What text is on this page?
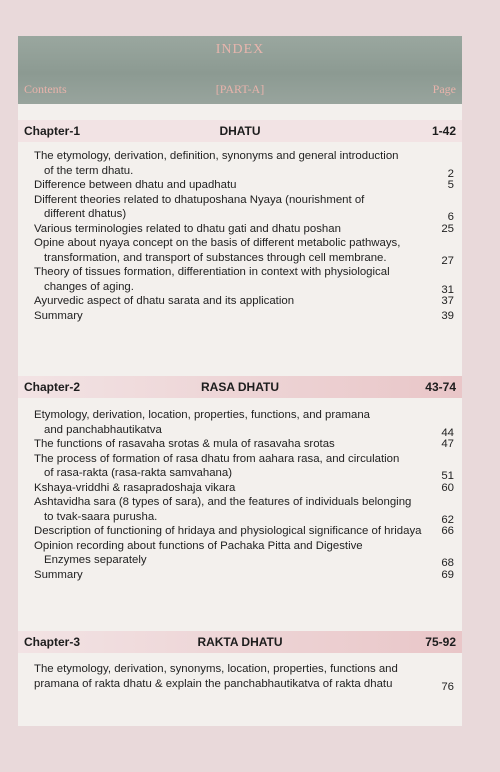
INDEX
Contents	[PART-A]	Page
Chapter-1	DHATU	1-42
The etymology, derivation, definition, synonyms and general introduction
of the term dhatu.	2
Difference between dhatu and upadhatu	5
Different theories related to dhatuposhana Nyaya (nourishment of
different dhatus)	6
Various terminologies related to dhatu gati and dhatu poshan	25
Opine about nyaya concept on the basis of different metabolic pathways,
transformation, and transport of substances through cell membrane.	27
Theory of tissues formation, differentiation in context with physiological
changes of aging.	31
Ayurvedic aspect of dhatu sarata and its application	37
Summary	39
Chapter-2	RASA DHATU	43-74
Etymology, derivation, location, properties, functions, and pramana
and panchabhautikatva	44
The functions of rasavaha srotas & mula of rasavaha srotas	47
The process of formation of rasa dhatu from aahara rasa, and circulation
of rasa-rakta (rasa-rakta samvahana)	51
Kshaya-vriddhi & rasapradoshaja vikara	60
Ashtavidha sara (8 types of sara), and the features of individuals belonging
to tvak-saara purusha.	62
Description of functioning of hridaya and physiological significance of hridaya	66
Opinion recording about functions of Pachaka Pitta and Digestive
Enzymes separately	68
Summary	69
Chapter-3	RAKTA DHATU	75-92
The etymology, derivation, synonyms, location, properties, functions and
pramana of rakta dhatu & explain the panchabhautikatva of rakta dhatu	76
